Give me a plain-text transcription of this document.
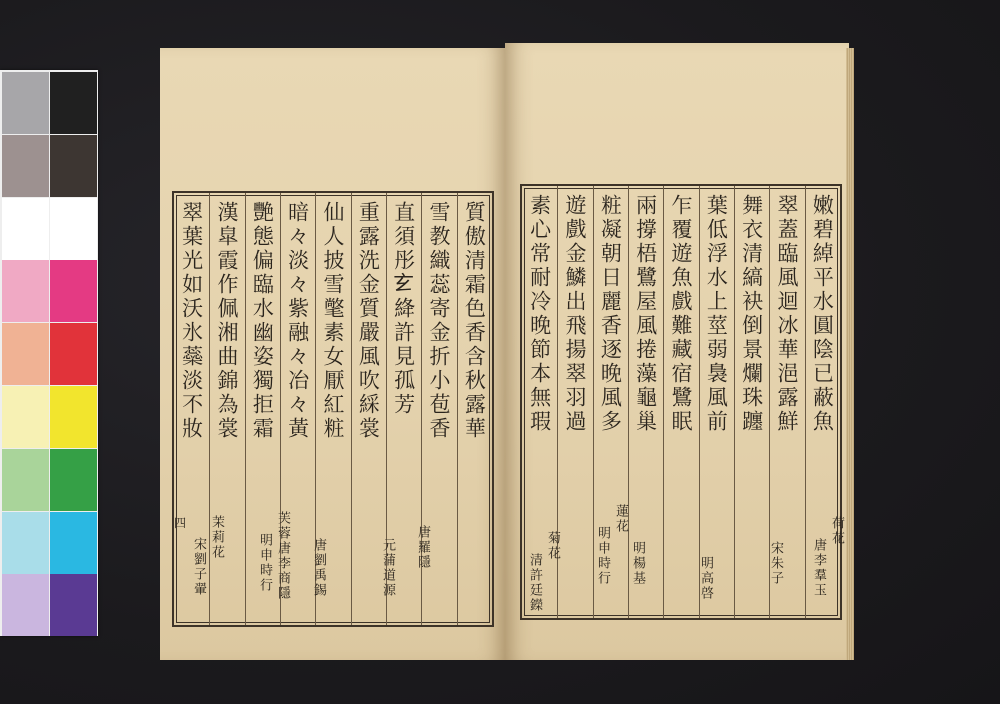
翠葉光如沃氷蘂淡不妝 漢皐霞作佩湘曲錦為裳 艷態偏臨水幽姿獨拒霜 暗々淡々紫融々冶々黃 仙人披雪氅素女厭紅粧 重露洗金質嚴風吹綵裳 直須彤𤣥絳許見孤芳 雪教織蕊寄金折小苞香 質傲清霜色香含秋露華
茉莉花
宋劉子翬
芙蓉
明申時行 唐李商隱 唐劉禹錫	元蒲道源 唐羅隱
四
嫩碧綽平水圓陰已蔽魚
翠蓋臨風迴冰華浥露鮮
舞衣清縞袂倒景爛珠躔
葉低浮水上莖弱裊風前
乍覆遊魚戲難藏宿鷺眠
兩撐梧鷺屋風捲藻龜巢
粧凝朝日麗香逐晚風多
遊戲金鱗出飛揚翠羽過
素心常耐冷晚節本無瑕
荷花
唐李羣玉
宋朱子
明高啓
明楊基
蓮花
明申時行
菊花
清許廷鑅
